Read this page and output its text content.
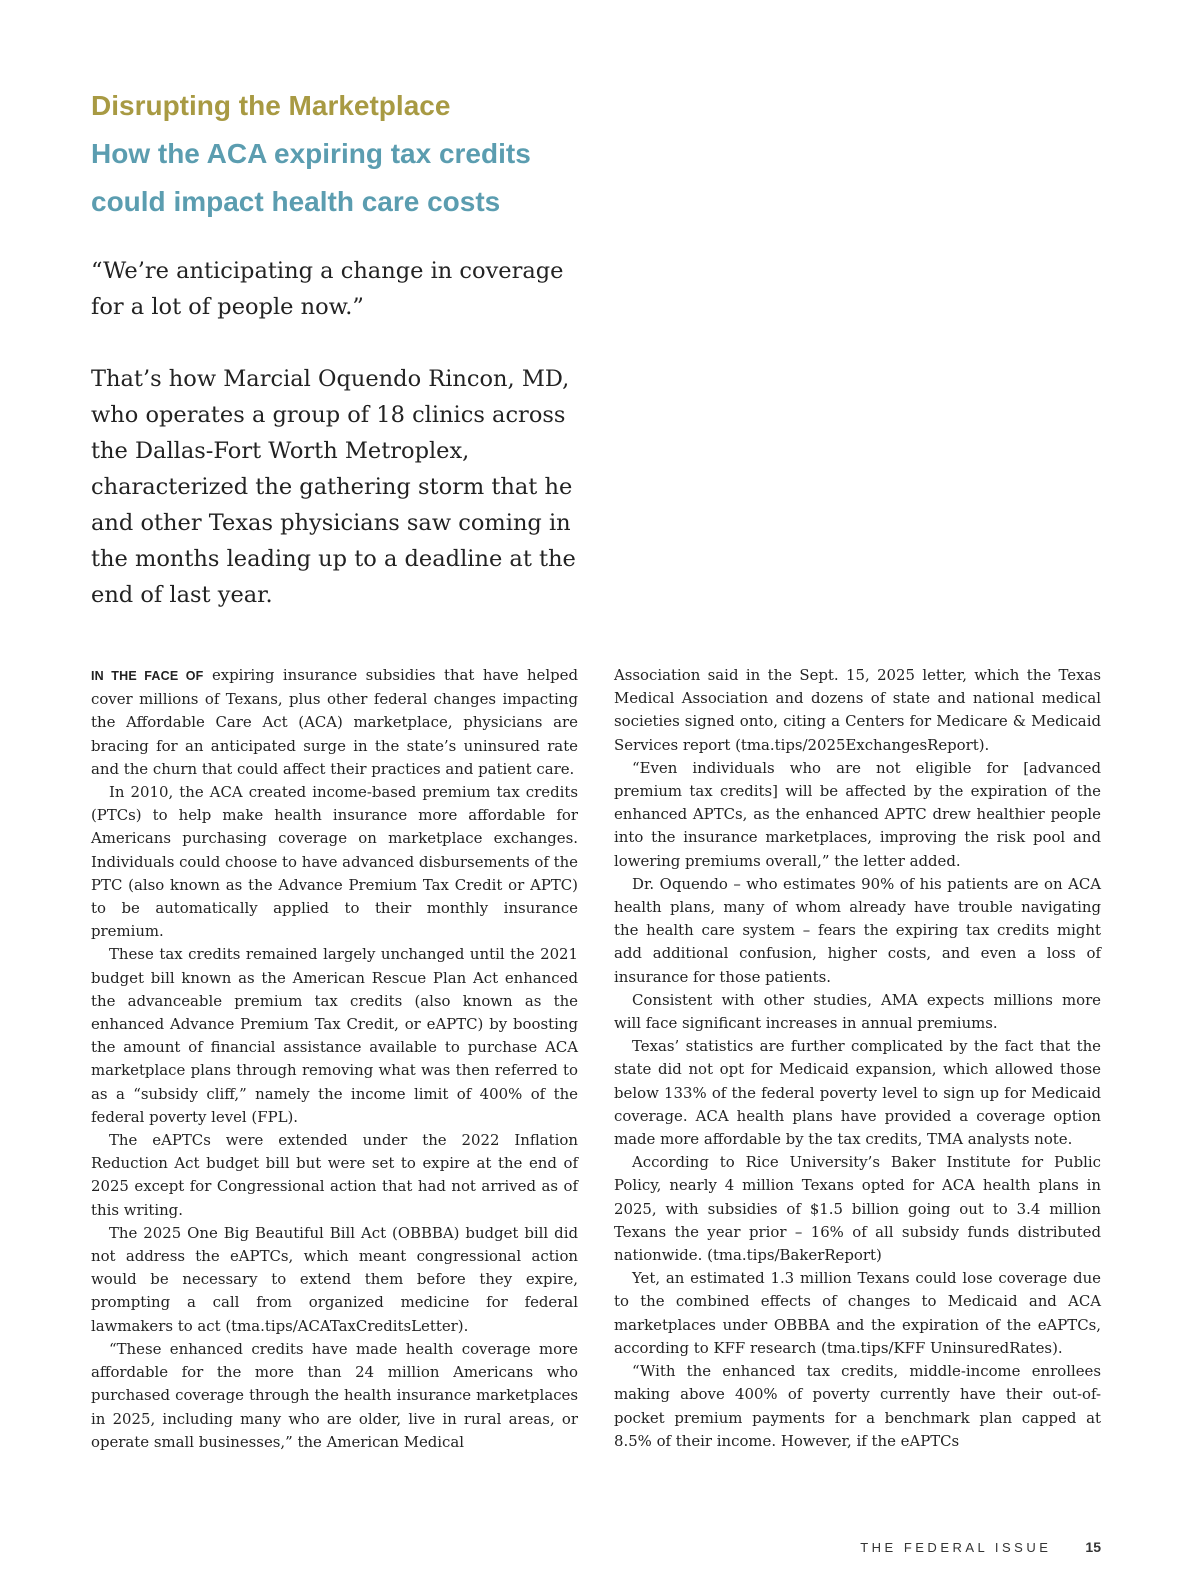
Disrupting the Marketplace
How the ACA expiring tax credits
could impact health care costs

“We’re anticipating a change in coverage for a lot of people now.”

That’s how Marcial Oquendo Rincon, MD, who operates a group of 18 clinics across the Dallas-Fort Worth Metroplex, characterized the gathering storm that he and other Texas physicians saw coming in the months leading up to a deadline at the end of last year.

IN THE FACE OF expiring insurance subsidies that have helped cover millions of Texans, plus other federal changes impacting the Affordable Care Act (ACA) marketplace, physicians are bracing for an anticipated surge in the state’s uninsured rate and the churn that could affect their practices and patient care.

In 2010, the ACA created income-based premium tax credits (PTCs) to help make health insurance more affordable for Americans purchasing coverage on marketplace exchanges. Individuals could choose to have advanced disbursements of the PTC (also known as the Advance Premium Tax Credit or APTC) to be automatically applied to their monthly insurance premium.

These tax credits remained largely unchanged until the 2021 budget bill known as the American Rescue Plan Act enhanced the advanceable premium tax credits (also known as the enhanced Advance Premium Tax Credit, or eAPTC) by boosting the amount of financial assistance available to purchase ACA marketplace plans through removing what was then referred to as a “subsidy cliff,” namely the income limit of 400% of the federal poverty level (FPL).

The eAPTCs were extended under the 2022 Inflation Reduction Act budget bill but were set to expire at the end of 2025 except for Congressional action that had not arrived as of this writing.

The 2025 One Big Beautiful Bill Act (OBBBA) budget bill did not address the eAPTCs, which meant congressional action would be necessary to extend them before they expire, prompting a call from organized medicine for federal lawmakers to act (tma.tips/ACATaxCreditsLetter).

“These enhanced credits have made health coverage more affordable for the more than 24 million Americans who purchased coverage through the health insurance marketplaces in 2025, including many who are older, live in rural areas, or operate small businesses,” the American Medical

Association said in the Sept. 15, 2025 letter, which the Texas Medical Association and dozens of state and national medical societies signed onto, citing a Centers for Medicare & Medicaid Services report (tma.tips/2025ExchangesReport).

“Even individuals who are not eligible for [advanced premium tax credits] will be affected by the expiration of the enhanced APTCs, as the enhanced APTC drew healthier people into the insurance marketplaces, improving the risk pool and lowering premiums overall,” the letter added.

Dr. Oquendo – who estimates 90% of his patients are on ACA health plans, many of whom already have trouble navigating the health care system – fears the expiring tax credits might add additional confusion, higher costs, and even a loss of insurance for those patients.

Consistent with other studies, AMA expects millions more will face significant increases in annual premiums.

Texas’ statistics are further complicated by the fact that the state did not opt for Medicaid expansion, which allowed those below 133% of the federal poverty level to sign up for Medicaid coverage. ACA health plans have provided a coverage option made more affordable by the tax credits, TMA analysts note.

According to Rice University’s Baker Institute for Public Policy, nearly 4 million Texans opted for ACA health plans in 2025, with subsidies of $1.5 billion going out to 3.4 million Texans the year prior – 16% of all subsidy funds distributed nationwide. (tma.tips/BakerReport)

Yet, an estimated 1.3 million Texans could lose coverage due to the combined effects of changes to Medicaid and ACA marketplaces under OBBBA and the expiration of the eAPTCs, according to KFF research (tma.tips/KFF UninsuredRates).

“With the enhanced tax credits, middle-income enrollees making above 400% of poverty currently have their out-of-pocket premium payments for a benchmark plan capped at 8.5% of their income. However, if the eAPTCs

THE FEDERAL ISSUE 15
